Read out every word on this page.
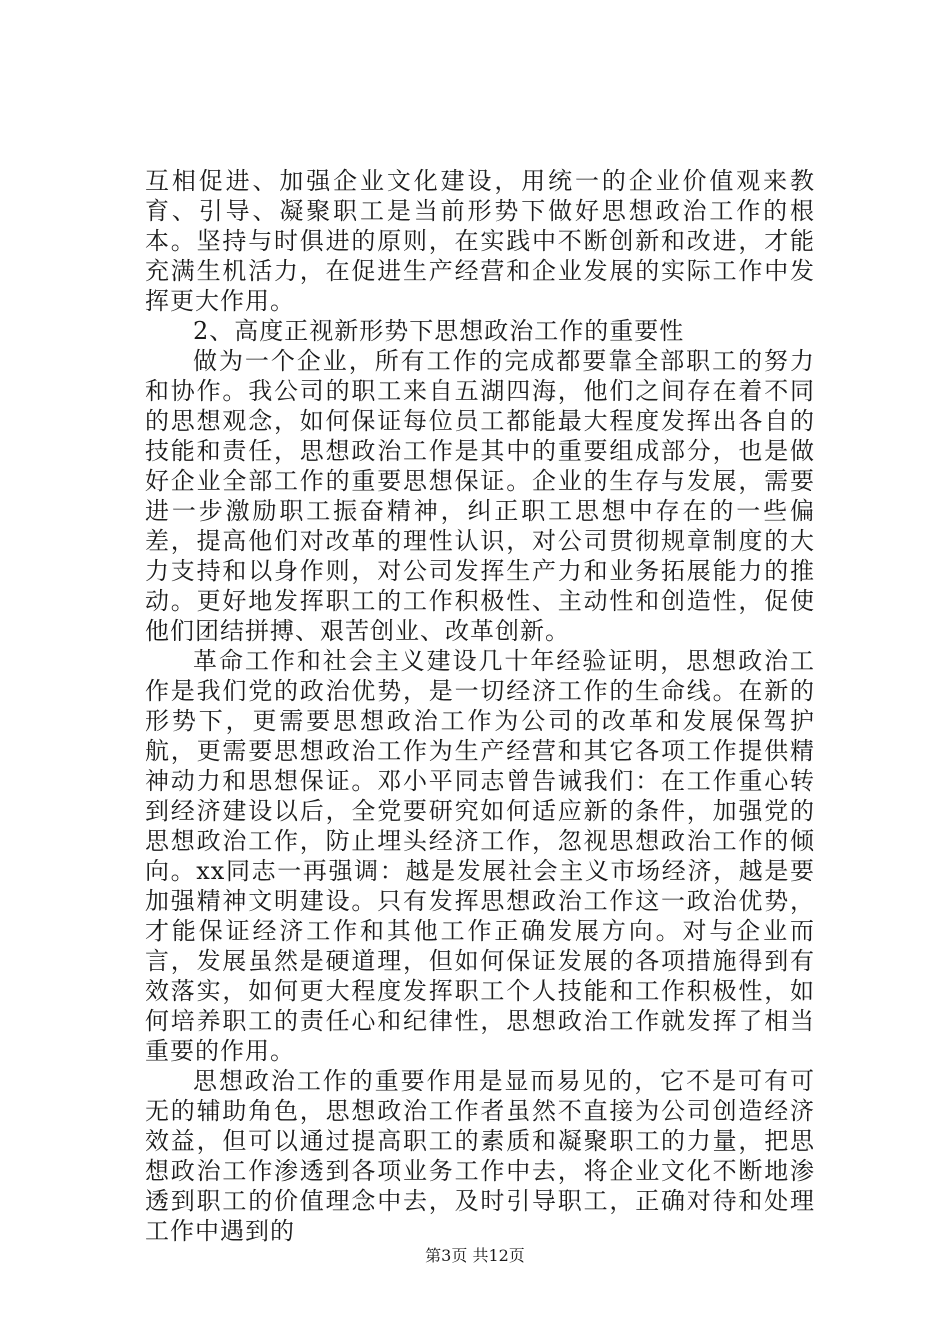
互相促进、加强企业文化建设，用统一的企业价值观来教育、引导、凝聚职工是当前形势下做好思想政治工作的根本。坚持与时俱进的原则，在实践中不断创新和改进，才能充满生机活力，在促进生产经营和企业发展的实际工作中发挥更大作用。

2、高度正视新形势下思想政治工作的重要性

做为一个企业，所有工作的完成都要靠全部职工的努力和协作。我公司的职工来自五湖四海，他们之间存在着不同的思想观念，如何保证每位员工都能最大程度发挥出各自的技能和责任，思想政治工作是其中的重要组成部分，也是做好企业全部工作的重要思想保证。企业的生存与发展，需要进一步激励职工振奋精神，纠正职工思想中存在的一些偏差，提高他们对改革的理性认识，对公司贯彻规章制度的大力支持和以身作则，对公司发挥生产力和业务拓展能力的推动。更好地发挥职工的工作积极性、主动性和创造性，促使他们团结拼搏、艰苦创业、改革创新。

革命工作和社会主义建设几十年经验证明，思想政治工作是我们党的政治优势，是一切经济工作的生命线。在新的形势下，更需要思想政治工作为公司的改革和发展保驾护航，更需要思想政治工作为生产经营和其它各项工作提供精神动力和思想保证。邓小平同志曾告诫我们：在工作重心转到经济建设以后，全党要研究如何适应新的条件，加强党的思想政治工作，防止埋头经济工作，忽视思想政治工作的倾向。xx同志一再强调：越是发展社会主义市场经济，越是要加强精神文明建设。只有发挥思想政治工作这一政治优势，才能保证经济工作和其他工作正确发展方向。对与企业而言，发展虽然是硬道理，但如何保证发展的各项措施得到有效落实，如何更大程度发挥职工个人技能和工作积极性，如何培养职工的责任心和纪律性，思想政治工作就发挥了相当重要的作用。

思想政治工作的重要作用是显而易见的，它不是可有可无的辅助角色，思想政治工作者虽然不直接为公司创造经济效益，但可以通过提高职工的素质和凝聚职工的力量，把思想政治工作渗透到各项业务工作中去，将企业文化不断地渗透到职工的价值理念中去，及时引导职工，正确对待和处理工作中遇到的

第3页 共12页
